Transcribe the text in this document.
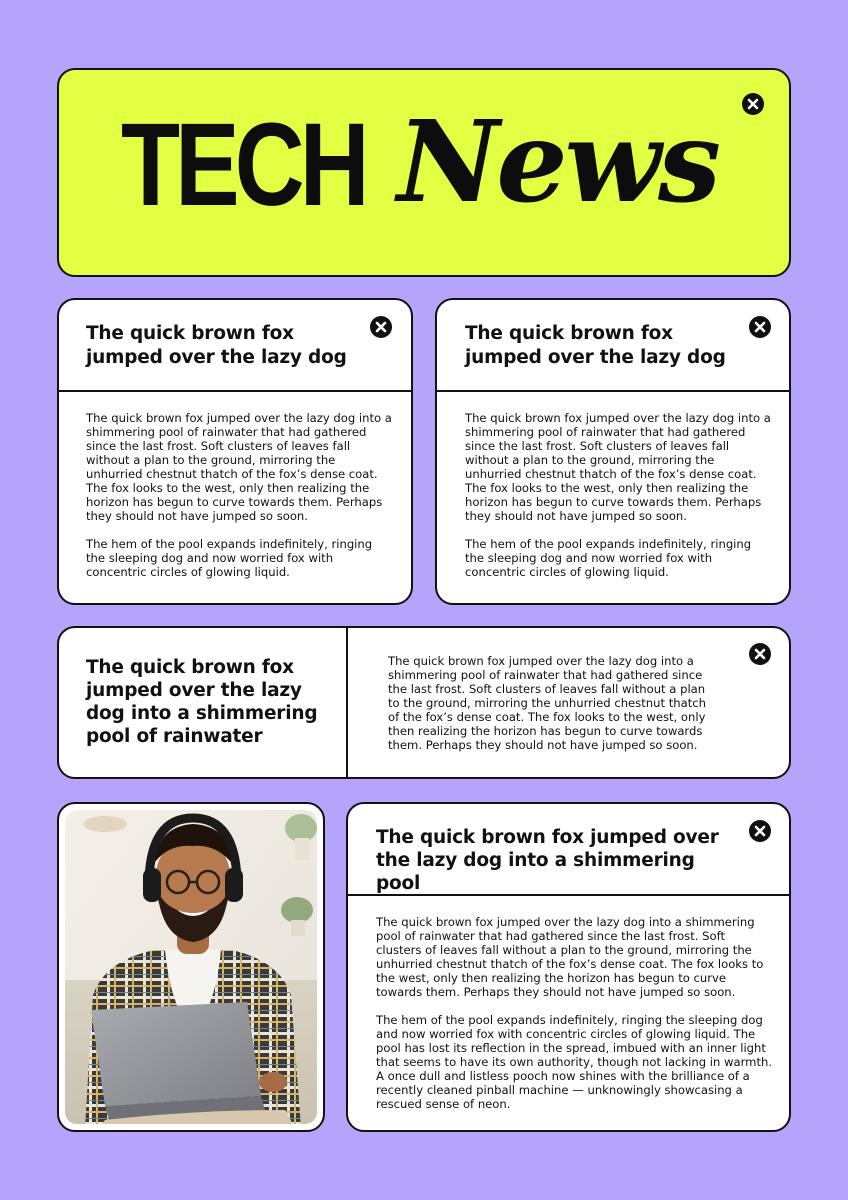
TECH News
The quick brown fox jumped over the lazy dog

The quick brown fox jumped over the lazy dog into a shimmering pool of rainwater that had gathered since the last frost. Soft clusters of leaves fall without a plan to the ground, mirroring the unhurried chestnut thatch of the fox’s dense coat. The fox looks to the west, only then realizing the horizon has begun to curve towards them. Perhaps they should not have jumped so soon.

The hem of the pool expands indefinitely, ringing the sleeping dog and now worried fox with concentric circles of glowing liquid.

The quick brown fox jumped over the lazy dog

The quick brown fox jumped over the lazy dog into a shimmering pool of rainwater that had gathered since the last frost. Soft clusters of leaves fall without a plan to the ground, mirroring the unhurried chestnut thatch of the fox’s dense coat. The fox looks to the west, only then realizing the horizon has begun to curve towards them. Perhaps they should not have jumped so soon.

The hem of the pool expands indefinitely, ringing the sleeping dog and now worried fox with concentric circles of glowing liquid.

The quick brown fox jumped over the lazy dog into a shimmering pool of rainwater

The quick brown fox jumped over the lazy dog into a shimmering pool of rainwater that had gathered since the last frost. Soft clusters of leaves fall without a plan to the ground, mirroring the unhurried chestnut thatch of the fox’s dense coat. The fox looks to the west, only then realizing the horizon has begun to curve towards them. Perhaps they should not have jumped so soon.

The quick brown fox jumped over the lazy dog into a shimmering pool

The quick brown fox jumped over the lazy dog into a shimmering pool of rainwater that had gathered since the last frost. Soft clusters of leaves fall without a plan to the ground, mirroring the unhurried chestnut thatch of the fox’s dense coat. The fox looks to the west, only then realizing the horizon has begun to curve towards them. Perhaps they should not have jumped so soon.

The hem of the pool expands indefinitely, ringing the sleeping dog and now worried fox with concentric circles of glowing liquid. The pool has lost its reflection in the spread, imbued with an inner light that seems to have its own authority, though not lacking in warmth. A once dull and listless pooch now shines with the brilliance of a recently cleaned pinball machine — unknowingly showcasing a rescued sense of neon.
